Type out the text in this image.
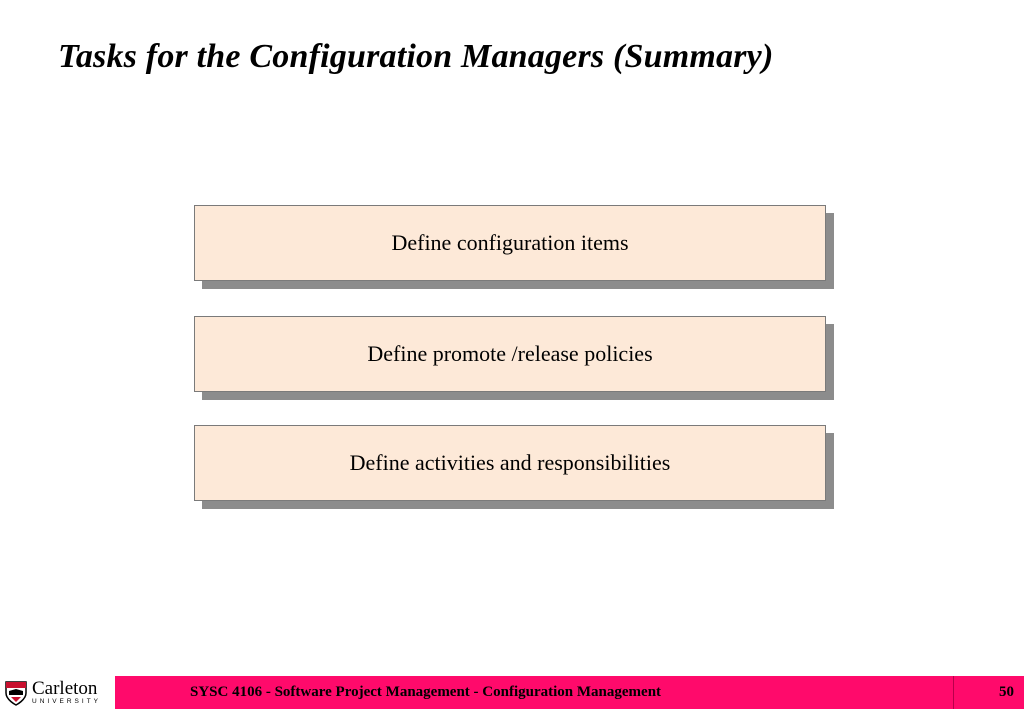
Tasks for the Configuration Managers (Summary)
Define configuration items
Define promote /release policies
Define activities and responsibilities
Carleton
UNIVERSITY
SYSC 4106 - Software Project Management - Configuration Management	50
